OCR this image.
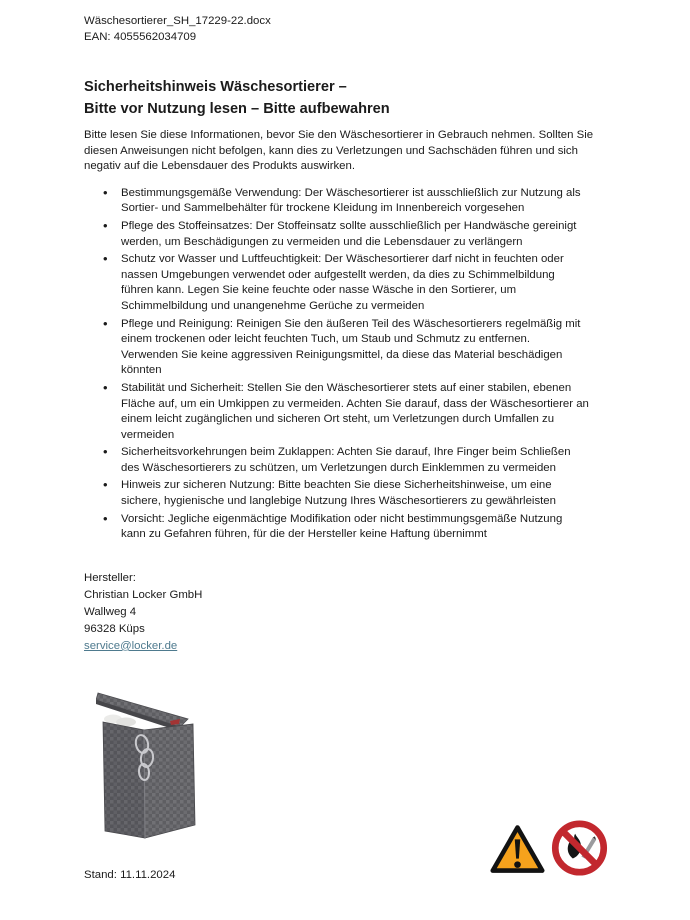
Wäschesortierer_SH_17229-22.docx
EAN: 4055562034709
Sicherheitshinweis Wäschesortierer –
Bitte vor Nutzung lesen – Bitte aufbewahren
Bitte lesen Sie diese Informationen, bevor Sie den Wäschesortierer in Gebrauch nehmen. Sollten Sie diesen Anweisungen nicht befolgen, kann dies zu Verletzungen und Sachschäden führen und sich negativ auf die Lebensdauer des Produkts auswirken.
• Bestimmungsgemäße Verwendung: Der Wäschesortierer ist ausschließlich zur Nutzung als Sortier- und Sammelbehälter für trockene Kleidung im Innenbereich vorgesehen
• Pflege des Stoffeinsatzes: Der Stoffeinsatz sollte ausschließlich per Handwäsche gereinigt werden, um Beschädigungen zu vermeiden und die Lebensdauer zu verlängern
• Schutz vor Wasser und Luftfeuchtigkeit: Der Wäschesortierer darf nicht in feuchten oder nassen Umgebungen verwendet oder aufgestellt werden, da dies zu Schimmelbildung führen kann. Legen Sie keine feuchte oder nasse Wäsche in den Sortierer, um Schimmelbildung und unangenehme Gerüche zu vermeiden
• Pflege und Reinigung: Reinigen Sie den äußeren Teil des Wäschesortierers regelmäßig mit einem trockenen oder leicht feuchten Tuch, um Staub und Schmutz zu entfernen. Verwenden Sie keine aggressiven Reinigungsmittel, da diese das Material beschädigen könnten
• Stabilität und Sicherheit: Stellen Sie den Wäschesortierer stets auf einer stabilen, ebenen Fläche auf, um ein Umkippen zu vermeiden. Achten Sie darauf, dass der Wäschesortierer an einem leicht zugänglichen und sicheren Ort steht, um Verletzungen durch Umfallen zu vermeiden
• Sicherheitsvorkehrungen beim Zuklappen: Achten Sie darauf, Ihre Finger beim Schließen des Wäschesortierers zu schützen, um Verletzungen durch Einklemmen zu vermeiden
• Hinweis zur sicheren Nutzung: Bitte beachten Sie diese Sicherheitshinweise, um eine sichere, hygienische und langlebige Nutzung Ihres Wäschesortierers zu gewährleisten
• Vorsicht: Jegliche eigenmächtige Modifikation oder nicht bestimmungsgemäße Nutzung kann zu Gefahren führen, für die der Hersteller keine Haftung übernimmt
Hersteller:
Christian Locker GmbH
Wallweg 4
96328 Küps
service@locker.de
Stand: 11.11.2024
